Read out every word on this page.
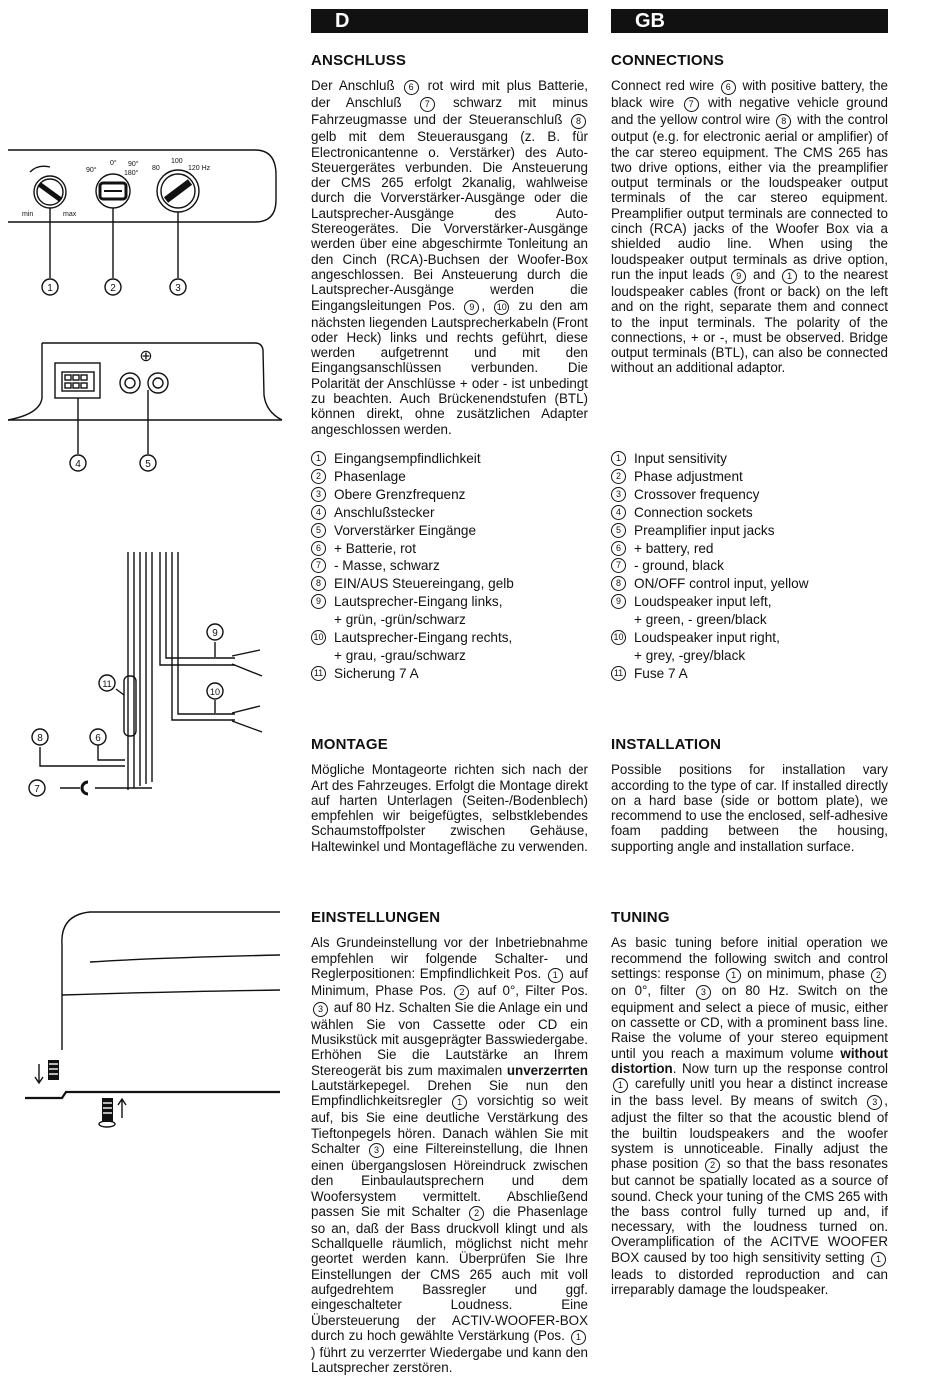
D	GB
ANSCHLUSS

Der Anschluß 6 rot wird mit plus Batterie, der Anschluß 7 schwarz mit minus Fahrzeugmasse und der Steueranschluß 8 gelb mit dem Steuerausgang (z. B. für Electronicantenne o. Verstärker) des Auto-Steuergerätes verbunden. Die Ansteuerung der CMS 265 erfolgt 2kanalig, wahlweise durch die Vorverstärker-Ausgänge oder die Lautsprecher-Ausgänge des Auto-Stereogerätes. Die Vorverstärker-Ausgänge werden über eine abgeschirmte Tonleitung an den Cinch (RCA)-Buchsen der Woofer-Box angeschlossen. Bei Ansteuerung durch die Lautsprecher-Ausgänge werden die Eingangsleitungen Pos. 9 , 10 zu den am nächsten liegenden Lautsprecherkabeln (Front oder Heck) links und rechts geführt, diese werden aufgetrennt und mit den Eingangsanschlüssen verbunden. Die Polarität der Anschlüsse + oder - ist unbedingt zu beachten. Auch Brückenendstufen (BTL) können direkt, ohne zusätzlichen Adapter angeschlossen werden.

1 Eingangsempfindlichkeit
2 Phasenlage
3 Obere Grenzfrequenz
4 Anschlußstecker
5 Vorverstärker Eingänge
6 + Batterie, rot
7 - Masse, schwarz
8 EIN/AUS Steuereingang, gelb
9 Lautsprecher-Eingang links,
+ grün, -grün/schwarz
10 Lautsprecher-Eingang rechts,
+ grau, -grau/schwarz
11 Sicherung 7 A
MONTAGE

Mögliche Montageorte richten sich nach der Art des Fahrzeuges. Erfolgt die Montage direkt auf harten Unterlagen (Seiten-/Bodenblech) empfehlen wir beigefügtes, selbstklebendes Schaumstoffpolster zwischen Gehäuse, Haltewinkel und Montagefläche zu verwenden.

EINSTELLUNGEN

Als Grundeinstellung vor der Inbetriebnahme empfehlen wir folgende Schalter- und Reglerpositionen: Empfindlichkeit Pos. 1 auf Minimum, Phase Pos. 2 auf 0°, Filter Pos. 3 auf 80 Hz. Schalten Sie die Anlage ein und wählen Sie von Cassette oder CD ein Musikstück mit ausgeprägter Basswiedergabe. Erhöhen Sie die Lautstärke an Ihrem Stereogerät bis zum maximalen unverzerrten Lautstärkepegel. Drehen Sie nun den Empfindlichkeitsregler 1 vorsichtig so weit auf, bis Sie eine deutliche Verstärkung des Tieftonpegels hören. Danach wählen Sie mit Schalter 3 eine Filtereinstellung, die Ihnen einen übergangslosen Höreindruck zwischen den Einbaulautsprechern und dem Woofersystem vermittelt. Abschließend passen Sie mit Schalter 2 die Phasenlage so an, daß der Bass druckvoll klingt und als Schallquelle räumlich, möglichst nicht mehr geortet werden kann. Überprüfen Sie Ihre Einstellungen der CMS 265 auch mit voll aufgedrehtem Bassregler und ggf. eingeschalteter Loudness. Eine Übersteuerung der ACTIV-WOOFER-BOX durch zu hoch gewählte Verstärkung (Pos. 1) führt zu verzerrter Wiedergabe und kann den Lautsprecher zerstören.

CONNECTIONS

Connect red wire 6 with positive battery, the black wire 7 with negative vehicle ground and the yellow control wire 8 with the control output (e.g. for electronic aerial or amplifier) of the car stereo equipment. The CMS 265 has two drive options, either via the preamplifier output terminals or the loudspeaker output terminals of the car stereo equipment. Preamplifier output terminals are connected to cinch (RCA) jacks of the Woofer Box via a shielded audio line. When using the loudspeaker output terminals as drive option, run the input leads 9 and 1 to the nearest loudspeaker cables (front or back) on the left and on the right, separate them and connect to the input terminals. The polarity of the connections, + or -, must be observed. Bridge output terminals (BTL), can also be connected without an additional adaptor.

1 Input sensitivity
2 Phase adjustment
3 Crossover frequency
4 Connection sockets
5 Preamplifier input jacks
6 + battery, red
7 - ground, black
8 ON/OFF control input, yellow
9 Loudspeaker input left,
+ green, - green/black
10 Loudspeaker input right,
+ grey, -grey/black
11 Fuse 7 A
INSTALLATION

Possible positions for installation vary according to the type of car. If installed directly on a hard base (side or bottom plate), we recommend to use the enclosed, self-adhesive foam padding between the housing, supporting angle and installation surface.

TUNING

As basic tuning before initial operation we recommend the following switch and control settings: response 1 on minimum, phase 2 on 0°, filter 3 on 80 Hz. Switch on the equipment and select a piece of music, either on cassette or CD, with a prominent bass line. Raise the volume of your stereo equipment until you reach a maximum volume without distortion. Now turn up the response control 1 carefully unitl you hear a distinct increase in the bass level. By means of switch 3 , adjust the filter so that the acoustic blend of the builtin loudspeakers and the woofer system is unnoticeable. Finally adjust the phase position 2 so that the bass resonates but cannot be spatially located as a source of sound. Check your tuning of the CMS 265 with the bass control fully turned up and, if necessary, with the loudness turned on. Overamplification of the ACITVE WOOFER BOX caused by too high sensitivity setting 1 leads to distorded reproduction and can irreparably damage the loudspeaker.

min	max
90°
0°
180°
80
100
120 Hz
90°
1	2	3
⊕
4	5
9
10
11
8	6
7
